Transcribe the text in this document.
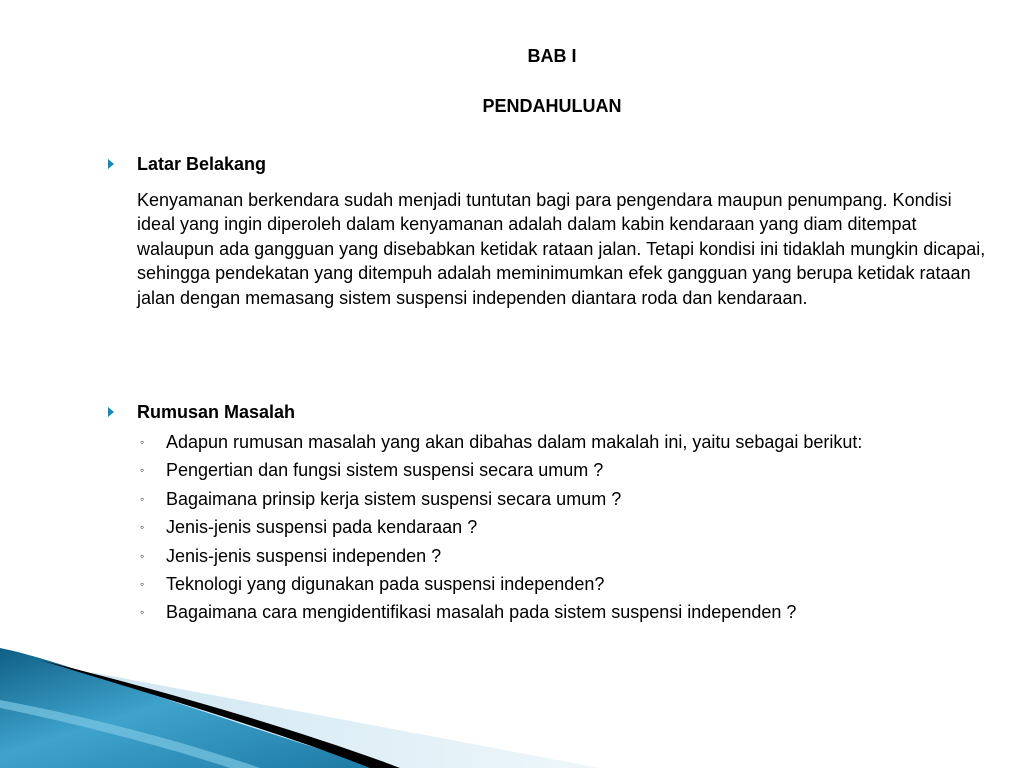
BAB I
PENDAHULUAN
Latar Belakang
Kenyamanan berkendara sudah menjadi tuntutan bagi para pengendara maupun penumpang. Kondisi ideal yang ingin diperoleh dalam kenyamanan adalah dalam kabin kendaraan yang diam ditempat walaupun ada gangguan yang disebabkan ketidak rataan jalan. Tetapi kondisi ini tidaklah mungkin dicapai, sehingga pendekatan yang ditempuh adalah meminimumkan efek gangguan yang berupa ketidak rataan jalan dengan memasang sistem suspensi independen diantara roda dan kendaraan.
Rumusan Masalah
◦ Adapun rumusan masalah yang akan dibahas dalam makalah ini, yaitu sebagai berikut:
◦ Pengertian dan fungsi sistem suspensi secara umum ?
◦ Bagaimana prinsip kerja sistem suspensi secara umum ?
◦ Jenis-jenis suspensi pada kendaraan ?
◦ Jenis-jenis suspensi independen ?
◦ Teknologi yang digunakan pada suspensi independen?
◦ Bagaimana cara mengidentifikasi masalah pada sistem suspensi independen ?
